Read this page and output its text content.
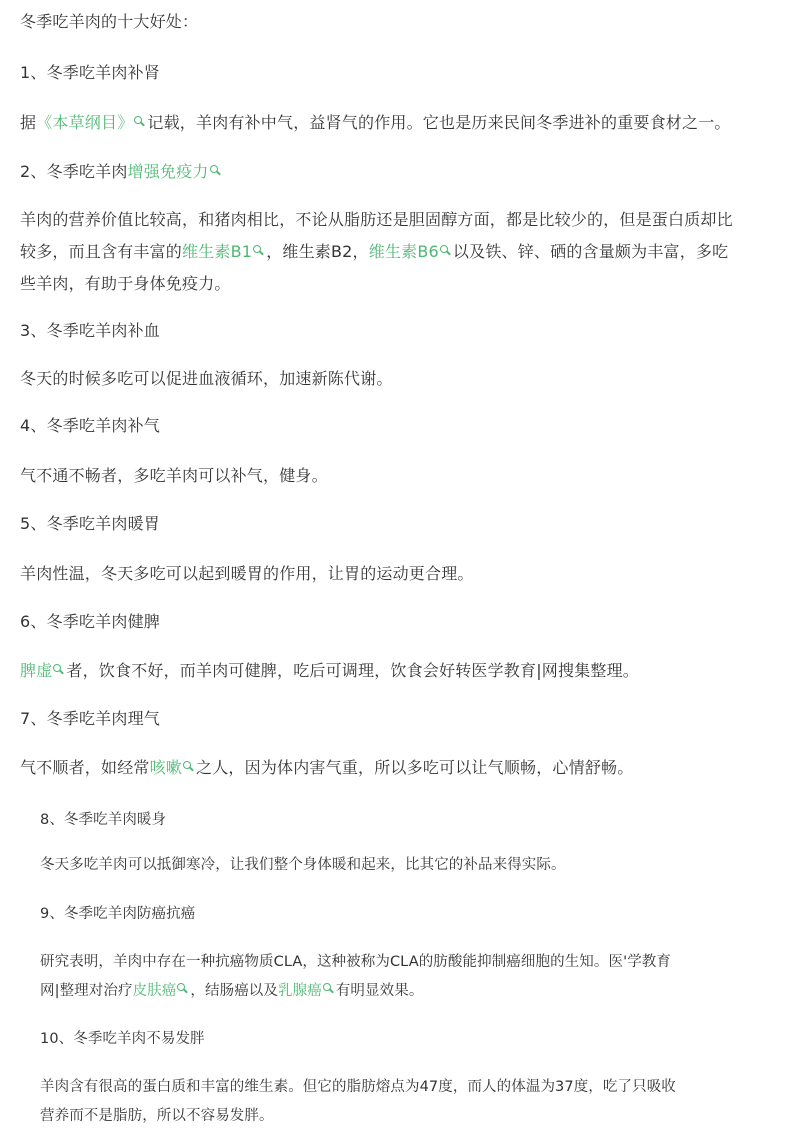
冬季吃羊肉的十大好处：
1、冬季吃羊肉补肾
据《本草纲目》 记载，羊肉有补中气，益肾气的作用。它也是历来民间冬季进补的重要食材之一。
2、冬季吃羊肉增强免疫力
羊肉的营养价值比较高，和猪肉相比，不论从脂肪还是胆固醇方面，都是比较少的，但是蛋白质却比
较多，而且含有丰富的维生素B1 ，维生素B2，维生素B6 以及铁、锌、硒的含量颇为丰富，多吃
些羊肉，有助于身体免疫力。
3、冬季吃羊肉补血
冬天的时候多吃可以促进血液循环，加速新陈代谢。
4、冬季吃羊肉补气
气不通不畅者，多吃羊肉可以补气，健身。
5、冬季吃羊肉暖胃
羊肉性温，冬天多吃可以起到暖胃的作用，让胃的运动更合理。
6、冬季吃羊肉健脾
脾虚 者，饮食不好，而羊肉可健脾，吃后可调理，饮食会好转医学教育|网搜集整理。
7、冬季吃羊肉理气
气不顺者，如经常咳嗽 之人，因为体内害气重，所以多吃可以让气顺畅，心情舒畅。
8、冬季吃羊肉暖身
冬天多吃羊肉可以抵御寒冷，让我们整个身体暖和起来，比其它的补品来得实际。
9、冬季吃羊肉防癌抗癌
研究表明，羊肉中存在一种抗癌物质CLA，这种被称为CLA的肪酸能抑制癌细胞的生知。医'学教育
网|整理对治疗皮肤癌 ，结肠癌以及乳腺癌 有明显效果。
10、冬季吃羊肉不易发胖
羊肉含有很高的蛋白质和丰富的维生素。但它的脂肪熔点为47度，而人的体温为37度，吃了只吸收
营养而不是脂肪，所以不容易发胖。
